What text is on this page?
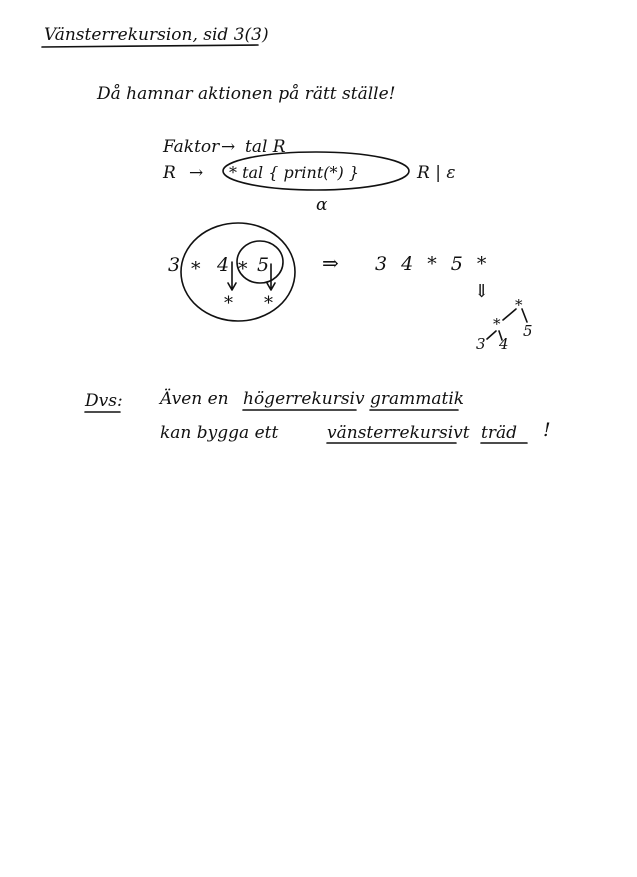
Vänsterrekursion, sid 3(3)
Då hamnar aktionen på rätt ställe!
Faktor → tal R
R → * tal { print(*) }	R | ε
α
3 * 4 * 5
* *
⇒ 3 4 * 5 *
⇓
*
* 5
3 4
Dvs: Även en högerrekursiv grammatik
kan bygga ett	vänsterrekursivt träd !
